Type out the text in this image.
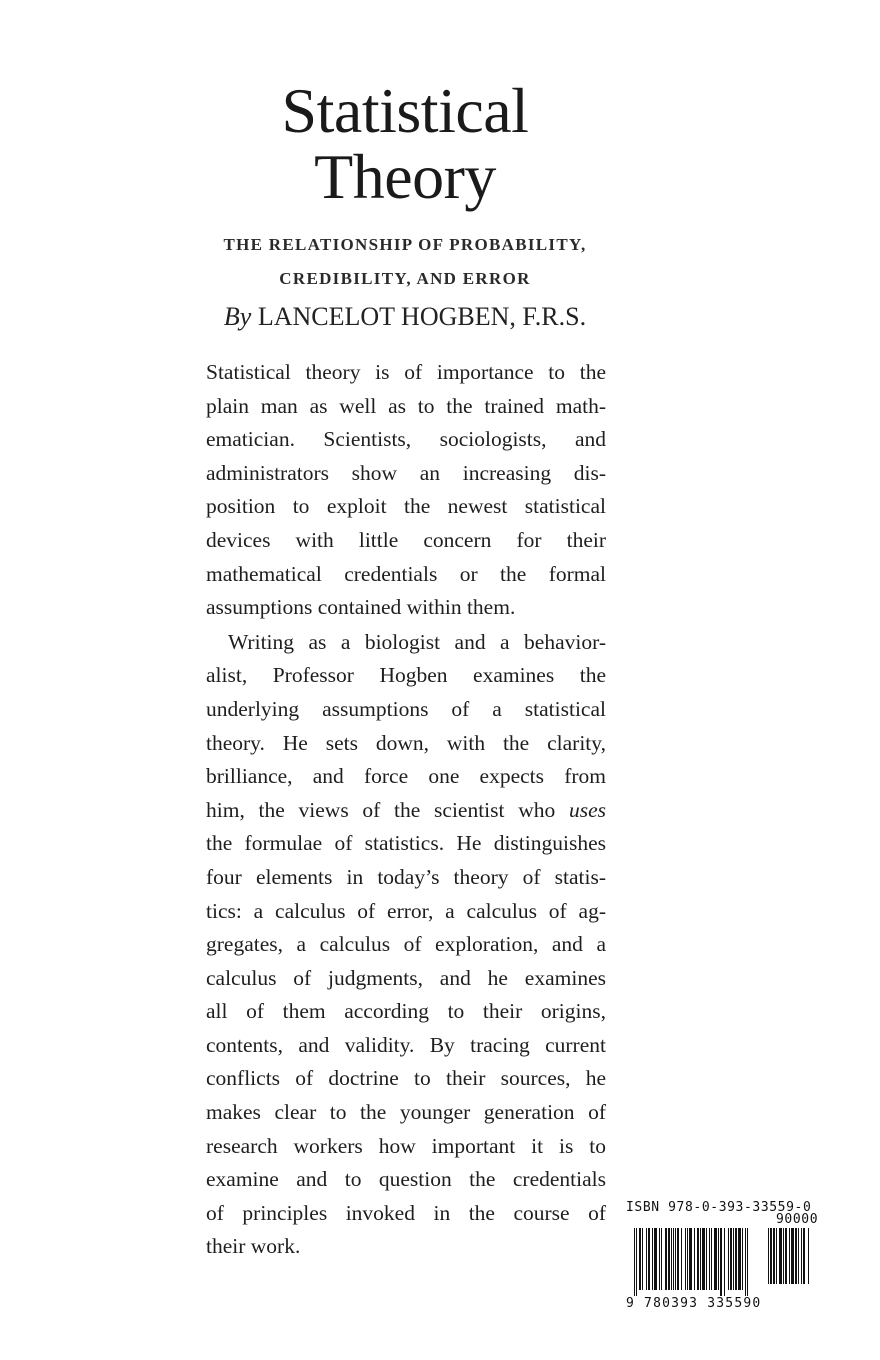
Statistical
Theory
THE RELATIONSHIP OF PROBABILITY,
CREDIBILITY, AND ERROR
By LANCELOT HOGBEN, F.R.S.

Statistical theory is of importance to the
plain man as well as to the trained math-
ematician. Scientists, sociologists, and
administrators show an increasing dis-
position to exploit the newest statistical
devices with little concern for their
mathematical credentials or the formal
assumptions contained within them.

Writing as a biologist and a behavior-
alist, Professor Hogben examines the
underlying assumptions of a statistical
theory. He sets down, with the clarity,
brilliance, and force one expects from
him, the views of the scientist who uses
the formulae of statistics. He distinguishes
four elements in today’s theory of statis-
tics: a calculus of error, a calculus of ag-
gregates, a calculus of exploration, and a
calculus of judgments, and he examines
all of them according to their origins,
contents, and validity. By tracing current
conflicts of doctrine to their sources, he
makes clear to the younger generation of
research workers how important it is to
examine and to question the credentials
of principles invoked in the course of
their work.

ISBN 978-0-393-33559-0
90000
9 780393 335590
